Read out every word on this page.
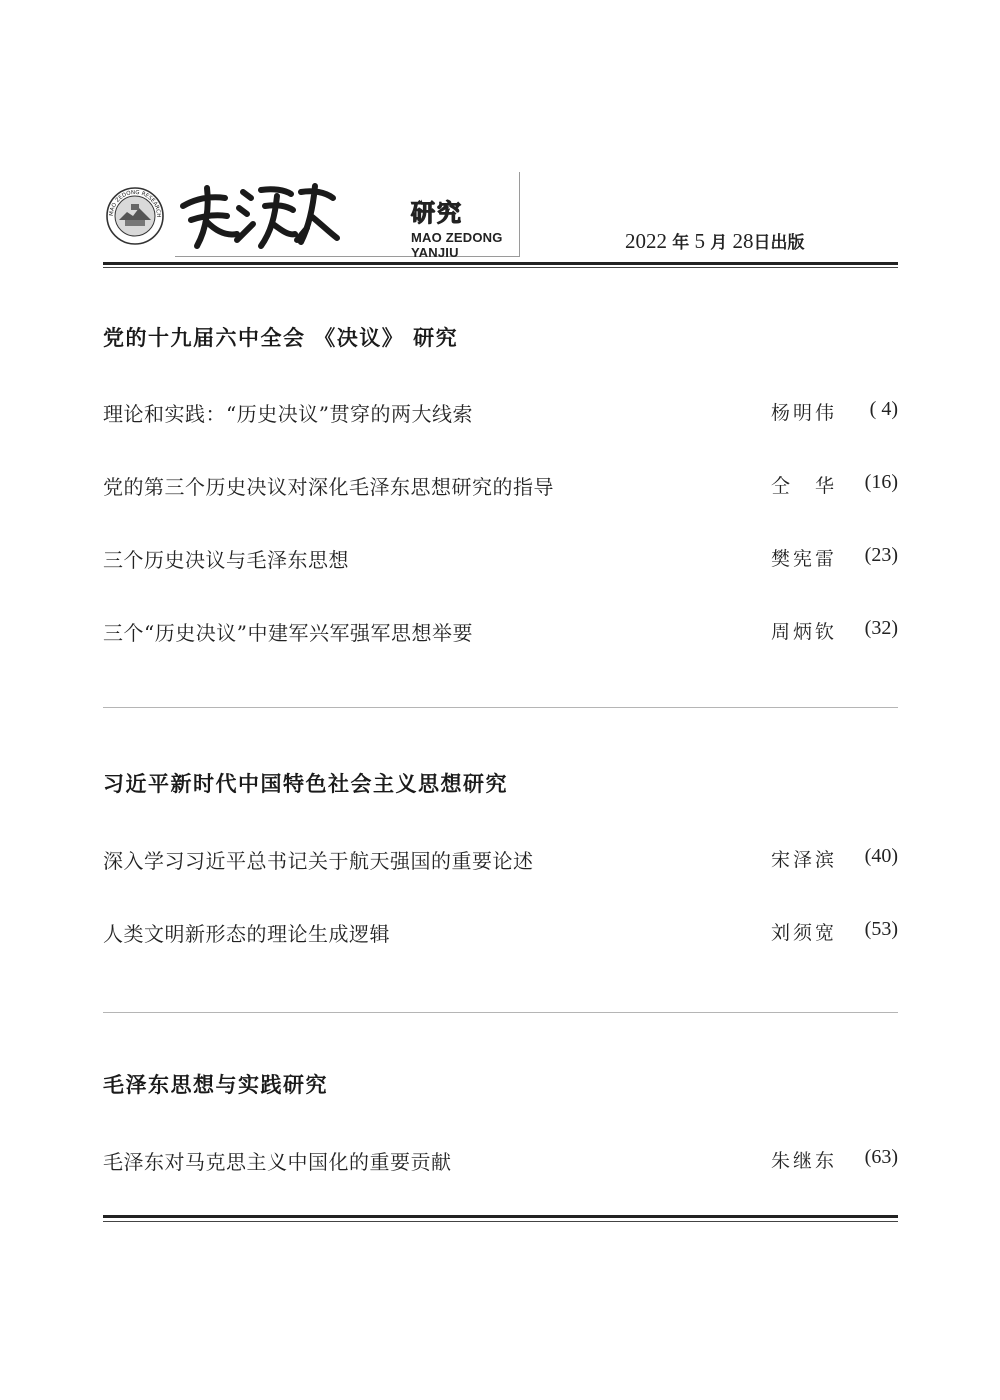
MAO ZEDONG RESEARCH	研究
MAO ZEDONG YANJIU	2022 年 5 月 28日出版
党的十九届六中全会 《决议》 研究
理论和实践：“历史决议”贯穿的两大线索	杨明伟 ( 4)
党的第三个历史决议对深化毛泽东思想研究的指导	仝　华 (16)
三个历史决议与毛泽东思想	樊宪雷 (23)
三个“历史决议”中建军兴军强军思想举要	周炳钦 (32)
习近平新时代中国特色社会主义思想研究
深入学习习近平总书记关于航天强国的重要论述	宋泽滨 (40)
人类文明新形态的理论生成逻辑	刘须宽 (53)
毛泽东思想与实践研究
毛泽东对马克思主义中国化的重要贡献	朱继东 (63)
